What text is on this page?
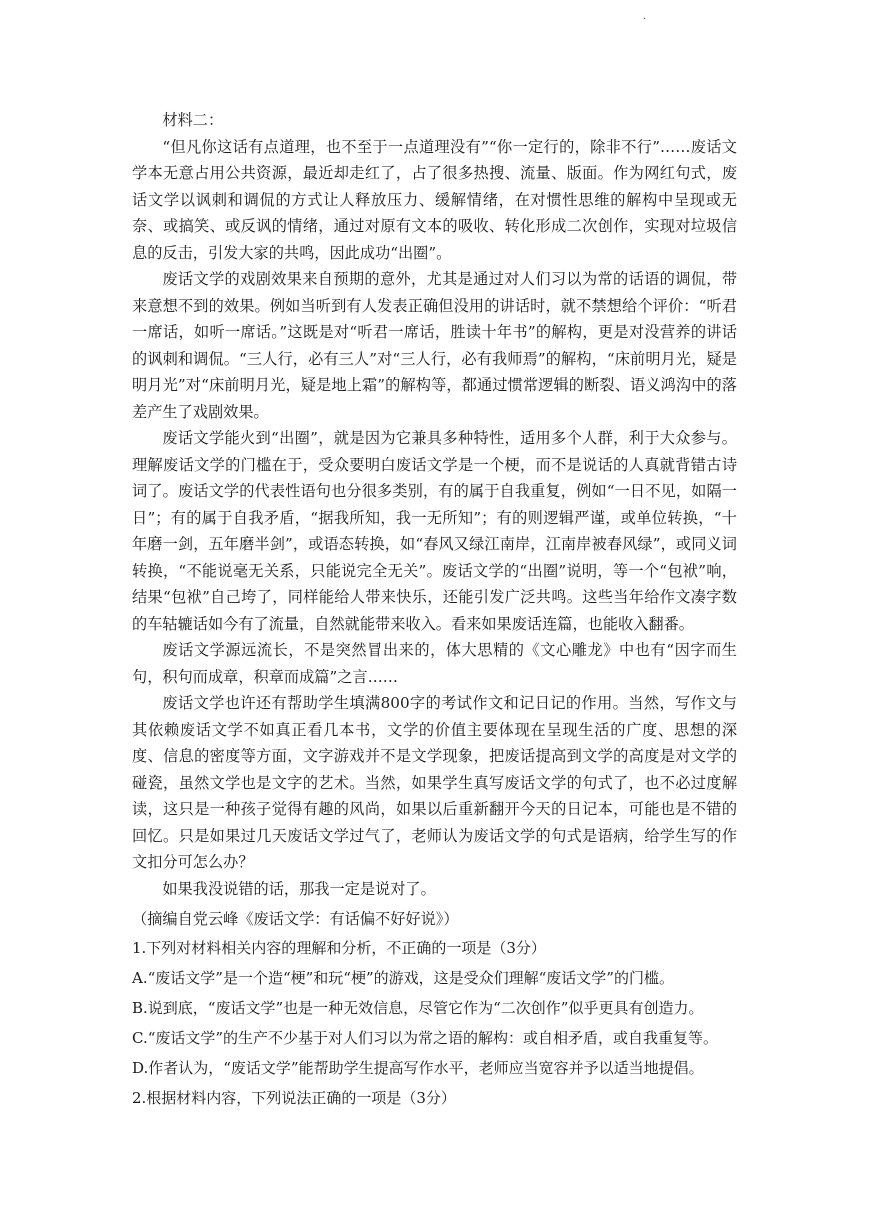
·

材料二：

“但凡你这话有点道理，也不至于一点道理没有”“你一定行的，除非不行”……废话文学本无意占用公共资源，最近却走红了，占了很多热搜、流量、版面。作为网红句式，废话文学以讽刺和调侃的方式让人释放压力、缓解情绪，在对惯性思维的解构中呈现或无奈、或搞笑、或反讽的情绪，通过对原有文本的吸收、转化形成二次创作，实现对垃圾信息的反击，引发大家的共鸣，因此成功“出圈”。

废话文学的戏剧效果来自预期的意外，尤其是通过对人们习以为常的话语的调侃，带来意想不到的效果。例如当听到有人发表正确但没用的讲话时，就不禁想给个评价：“听君一席话，如听一席话。”这既是对“听君一席话，胜读十年书”的解构，更是对没营养的讲话的讽刺和调侃。“三人行，必有三人”对“三人行，必有我师焉”的解构，“床前明月光，疑是明月光”对“床前明月光，疑是地上霜”的解构等，都通过惯常逻辑的断裂、语义鸿沟中的落差产生了戏剧效果。

废话文学能火到“出圈”，就是因为它兼具多种特性，适用多个人群，利于大众参与。理解废话文学的门槛在于，受众要明白废话文学是一个梗，而不是说话的人真就背错古诗词了。废话文学的代表性语句也分很多类别，有的属于自我重复，例如“一日不见，如隔一日”；有的属于自我矛盾，“据我所知，我一无所知”；有的则逻辑严谨，或单位转换，“十年磨一剑，五年磨半剑”，或语态转换，如“春风又绿江南岸，江南岸被春风绿”，或同义词转换，“不能说毫无关系，只能说完全无关”。废话文学的“出圈”说明，等一个“包袱”响，结果“包袱”自己垮了，同样能给人带来快乐，还能引发广泛共鸣。这些当年给作文凑字数的车轱辘话如今有了流量，自然就能带来收入。看来如果废话连篇，也能收入翻番。

废话文学源远流长，不是突然冒出来的，体大思精的《文心雕龙》中也有“因字而生句，积句而成章，积章而成篇”之言……

废话文学也许还有帮助学生填满800字的考试作文和记日记的作用。当然，写作文与其依赖废话文学不如真正看几本书，文学的价值主要体现在呈现生活的广度、思想的深度、信息的密度等方面，文字游戏并不是文学现象，把废话提高到文学的高度是对文学的碰瓷，虽然文学也是文字的艺术。当然，如果学生真写废话文学的句式了，也不必过度解读，这只是一种孩子觉得有趣的风尚，如果以后重新翻开今天的日记本，可能也是不错的回忆。只是如果过几天废话文学过气了，老师认为废话文学的句式是语病，给学生写的作文扣分可怎么办？

如果我没说错的话，那我一定是说对了。

（摘编自党云峰《废话文学：有话偏不好好说》）

1.下列对材料相关内容的理解和分析，不正确的一项是（3分）

A.“废话文学”是一个造“梗”和玩“梗”的游戏，这是受众们理解“废话文学”的门槛。

B.说到底，“废话文学”也是一种无效信息，尽管它作为“二次创作”似乎更具有创造力。

C.“废话文学”的生产不少基于对人们习以为常之语的解构：或自相矛盾，或自我重复等。

D.作者认为，“废话文学”能帮助学生提高写作水平，老师应当宽容并予以适当地提倡。

2.根据材料内容，下列说法正确的一项是（3分）
